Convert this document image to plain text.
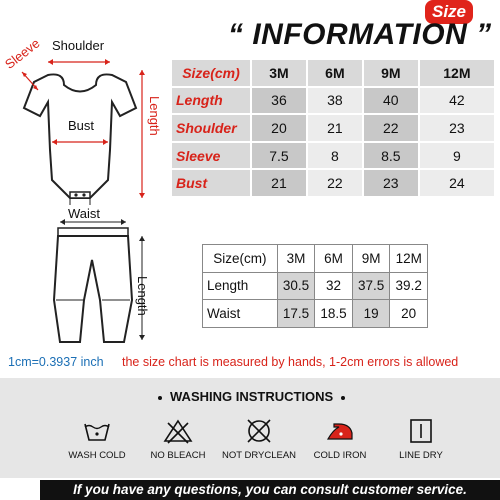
Size
“ INFORMATION ”
Shoulder
Sleeve
Bust	Length
Waist
Length
Size(cm)	3M	6M	9M	12M
Length	36	38	40	42
Shoulder	20	21	22	23
Sleeve	7.5	8	8.5	9
Bust	21	22	23	24
Size(cm)	3M	6M	9M	12M
Length	30.5	32	37.5	39.2
Waist	17.5	18.5	19	20
1cm=0.3937 inch the size chart is measured by hands, 1-2cm errors is allowed
WASHING INSTRUCTIONS
WASH COLD	NO BLEACH	NOT DRYCLEAN	COLD IRON	LINE DRY
If you have any questions, you can consult customer service.
